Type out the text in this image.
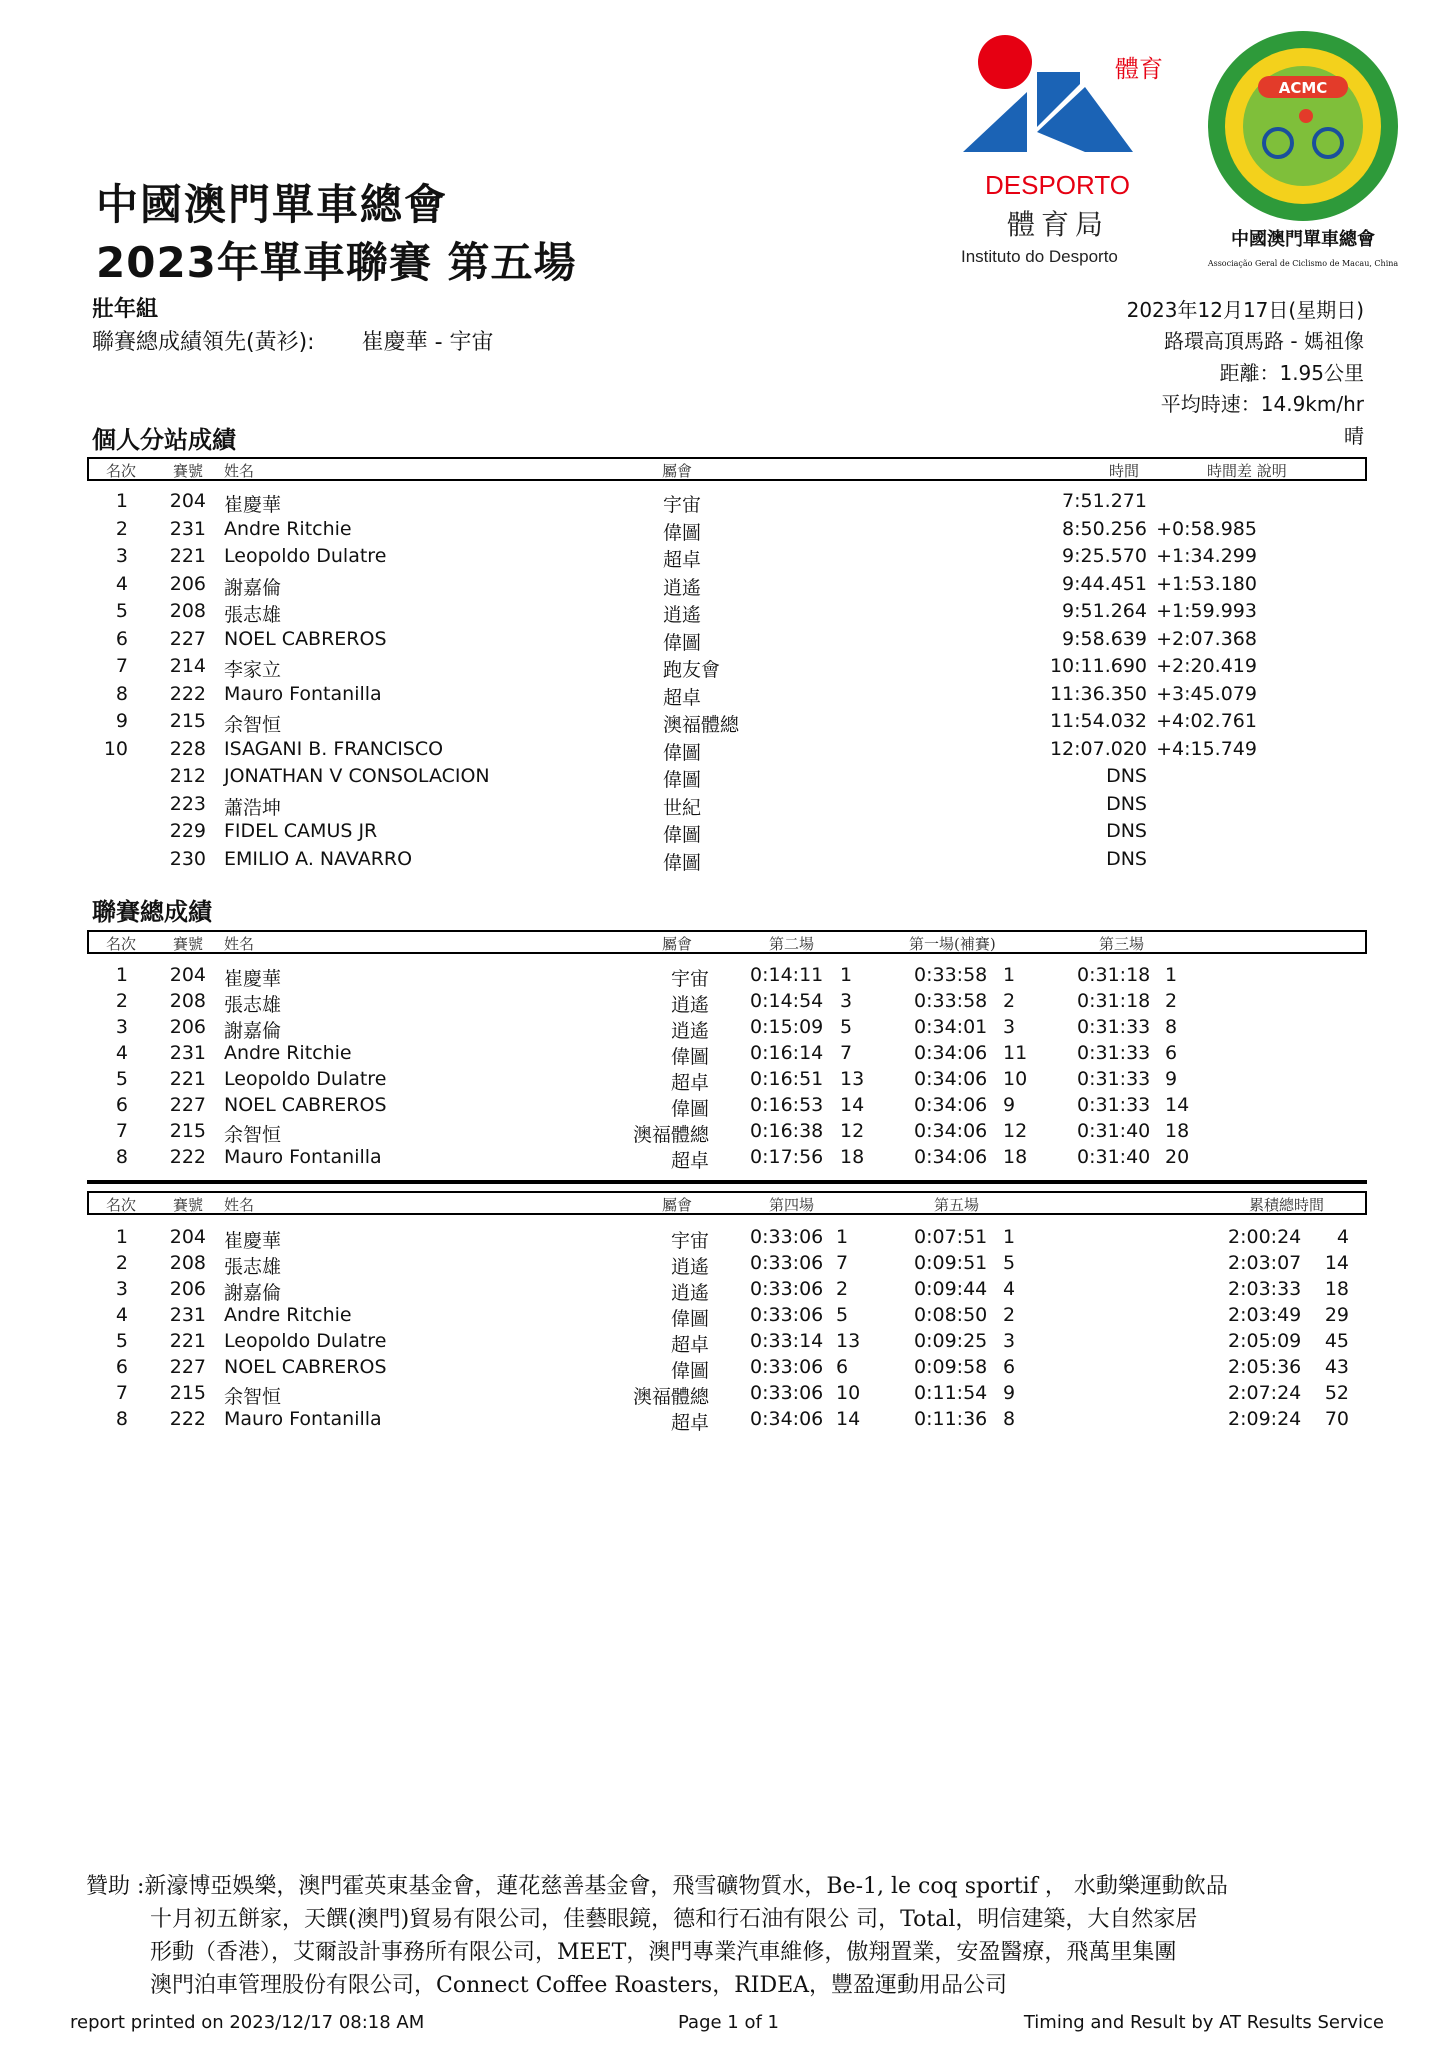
體育
DESPORTO
體育局
Instituto do Desporto
ACMC
中國澳門單車總會
Associação Geral de Ciclismo de Macau, China
中國澳門單車總會
2023年單車聯賽 第五場
壯年組
聯賽總成績領先(黃衫): 崔慶華 - 宇宙
2023年12月17日(星期日)
路環高頂馬路 - 媽祖像
距離：1.95公里
平均時速：14.9km/hr
晴
個人分站成績
名次 賽號 姓名	屬會	時間	時間差 說明
1 204 崔慶華	宇宙	7:51.271
2 231 Andre Ritchie	偉圖	8:50.256 +0:58.985
3 221 Leopoldo Dulatre	超卓	9:25.570 +1:34.299
4 206 謝嘉倫	逍遙	9:44.451 +1:53.180
5 208 張志雄	逍遙	9:51.264 +1:59.993
6 227 NOEL CABREROS	偉圖	9:58.639 +2:07.368
7 214 李家立	跑友會	10:11.690 +2:20.419
8 222 Mauro Fontanilla	超卓	11:36.350 +3:45.079
9 215 余智恒	澳福體總	11:54.032 +4:02.761
10 228 ISAGANI B. FRANCISCO	偉圖	12:07.020 +4:15.749
212 JONATHAN V CONSOLACION	偉圖	DNS
223 蕭浩坤	世紀	DNS
229 FIDEL CAMUS JR	偉圖	DNS
230 EMILIO A. NAVARRO	偉圖	DNS
聯賽總成績
名次 賽號 姓名	屬會	第二場	第一場(補賽)	第三場
1 204 崔慶華	宇宙 0:14:11 1	0:33:58 1	0:31:18 1
2 208 張志雄	逍遙 0:14:54 3	0:33:58 2	0:31:18 2
3 206 謝嘉倫	逍遙 0:15:09 5	0:34:01 3	0:31:33 8
4 231 Andre Ritchie	偉圖 0:16:14 7	0:34:06 11	0:31:33 6
5 221 Leopoldo Dulatre	超卓 0:16:51 13	0:34:06 10	0:31:33 9
6 227 NOEL CABREROS	偉圖 0:16:53 14	0:34:06 9	0:31:33 14
7 215 余智恒	澳福體總 0:16:38 12	0:34:06 12	0:31:40 18
8 222 Mauro Fontanilla	超卓 0:17:56 18	0:34:06 18	0:31:40 20
名次 賽號 姓名	屬會	第四場	第五場	累積總時間
1 204 崔慶華	宇宙 0:33:06 1	0:07:51 1	2:00:24 4
2 208 張志雄	逍遙 0:33:06 7	0:09:51 5	2:03:07 14
3 206 謝嘉倫	逍遙 0:33:06 2	0:09:44 4	2:03:33 18
4 231 Andre Ritchie	偉圖 0:33:06 5	0:08:50 2	2:03:49 29
5 221 Leopoldo Dulatre	超卓 0:33:14 13	0:09:25 3	2:05:09 45
6 227 NOEL CABREROS	偉圖 0:33:06 6	0:09:58 6	2:05:36 43
7 215 余智恒	澳福體總 0:33:06 10	0:11:54 9	2:07:24 52
8 222 Mauro Fontanilla	超卓 0:34:06 14	0:11:36 8	2:09:24 70
贊助 :新濠博亞娛樂，澳門霍英東基金會，蓮花慈善基金會，飛雪礦物質水，Be-1, le coq sportif ， 水動樂運動飲品
十月初五餅家，天饌(澳門)貿易有限公司，佳藝眼鏡，德和行石油有限公 司，Total，明信建築，大自然家居
形動（香港），艾爾設計事務所有限公司，MEET，澳門專業汽車維修，傲翔置業，安盈醫療，飛萬里集團
澳門泊車管理股份有限公司，Connect Coffee Roasters，RIDEA，豐盈運動用品公司
report printed on 2023/12/17 08:18 AM	Page 1 of 1	Timing and Result by AT Results Service
